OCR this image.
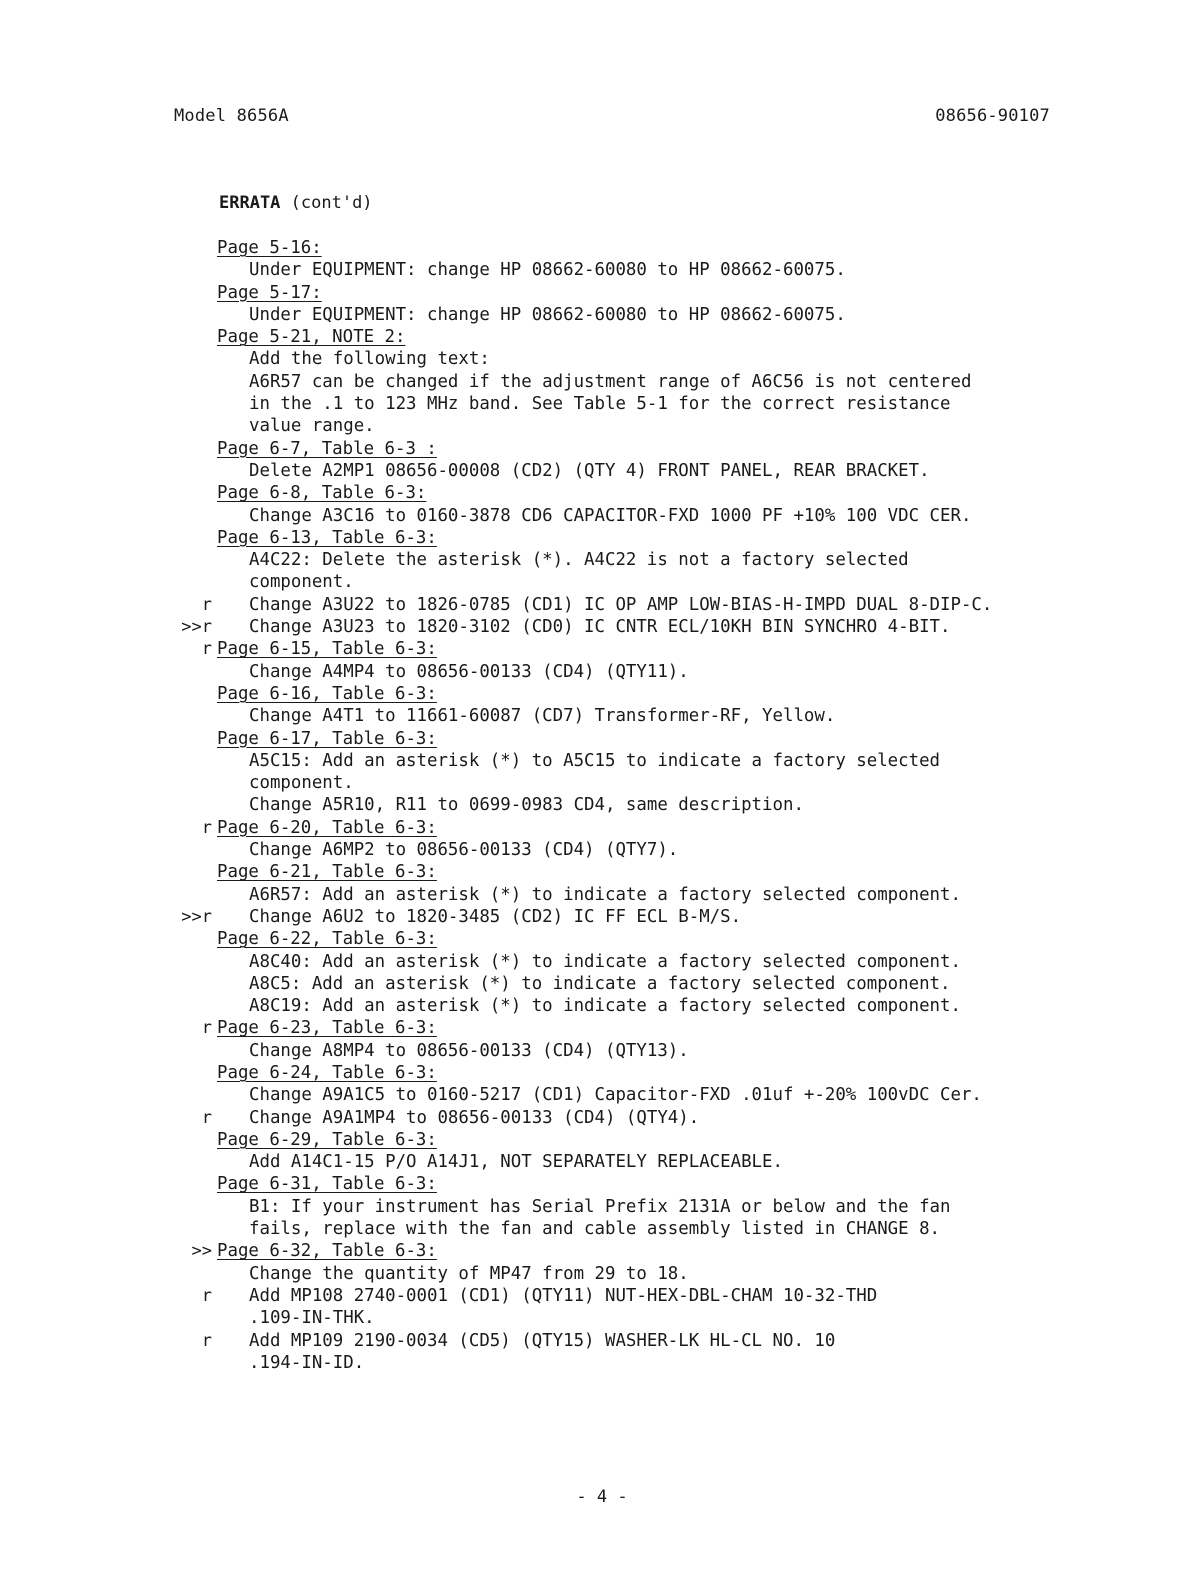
Model 8656A	08656-90107
ERRATA (cont'd)
Page 5-16:
Under EQUIPMENT: change HP 08662-60080 to HP 08662-60075.
Page 5-17:
Under EQUIPMENT: change HP 08662-60080 to HP 08662-60075.
Page 5-21, NOTE 2:
Add the following text:
A6R57 can be changed if the adjustment range of A6C56 is not centered
in the .1 to 123 MHz band. See Table 5-1 for the correct resistance
value range.
Page 6-7, Table 6-3 :
Delete A2MP1 08656-00008 (CD2) (QTY 4) FRONT PANEL, REAR BRACKET.
Page 6-8, Table 6-3:
Change A3C16 to 0160-3878 CD6 CAPACITOR-FXD 1000 PF +10% 100 VDC CER.
Page 6-13, Table 6-3:
A4C22: Delete the asterisk (*). A4C22 is not a factory selected
component.
r Change A3U22 to 1826-0785 (CD1) IC OP AMP LOW-BIAS-H-IMPD DUAL 8-DIP-C.
>>r Change A3U23 to 1820-3102 (CD0) IC CNTR ECL/10KH BIN SYNCHRO 4-BIT.
r Page 6-15, Table 6-3:
Change A4MP4 to 08656-00133 (CD4) (QTY11).
Page 6-16, Table 6-3:
Change A4T1 to 11661-60087 (CD7) Transformer-RF, Yellow.
Page 6-17, Table 6-3:
A5C15: Add an asterisk (*) to A5C15 to indicate a factory selected
component.
Change A5R10, R11 to 0699-0983 CD4, same description.
r Page 6-20, Table 6-3:
Change A6MP2 to 08656-00133 (CD4) (QTY7).
Page 6-21, Table 6-3:
A6R57: Add an asterisk (*) to indicate a factory selected component.
>>r Change A6U2 to 1820-3485 (CD2) IC FF ECL B-M/S.
Page 6-22, Table 6-3:
A8C40: Add an asterisk (*) to indicate a factory selected component.
A8C5: Add an asterisk (*) to indicate a factory selected component.
A8C19: Add an asterisk (*) to indicate a factory selected component.
r Page 6-23, Table 6-3:
Change A8MP4 to 08656-00133 (CD4) (QTY13).
Page 6-24, Table 6-3:
Change A9A1C5 to 0160-5217 (CD1) Capacitor-FXD .01uf +-20% 100vDC Cer.
r Change A9A1MP4 to 08656-00133 (CD4) (QTY4).
Page 6-29, Table 6-3:
Add A14C1-15 P/O A14J1, NOT SEPARATELY REPLACEABLE.
Page 6-31, Table 6-3:
B1: If your instrument has Serial Prefix 2131A or below and the fan
fails, replace with the fan and cable assembly listed in CHANGE 8.
>> Page 6-32, Table 6-3:
Change the quantity of MP47 from 29 to 18.
r Add MP108 2740-0001 (CD1) (QTY11) NUT-HEX-DBL-CHAM 10-32-THD
.109-IN-THK.
r Add MP109 2190-0034 (CD5) (QTY15) WASHER-LK HL-CL NO. 10
.194-IN-ID.
- 4 -
